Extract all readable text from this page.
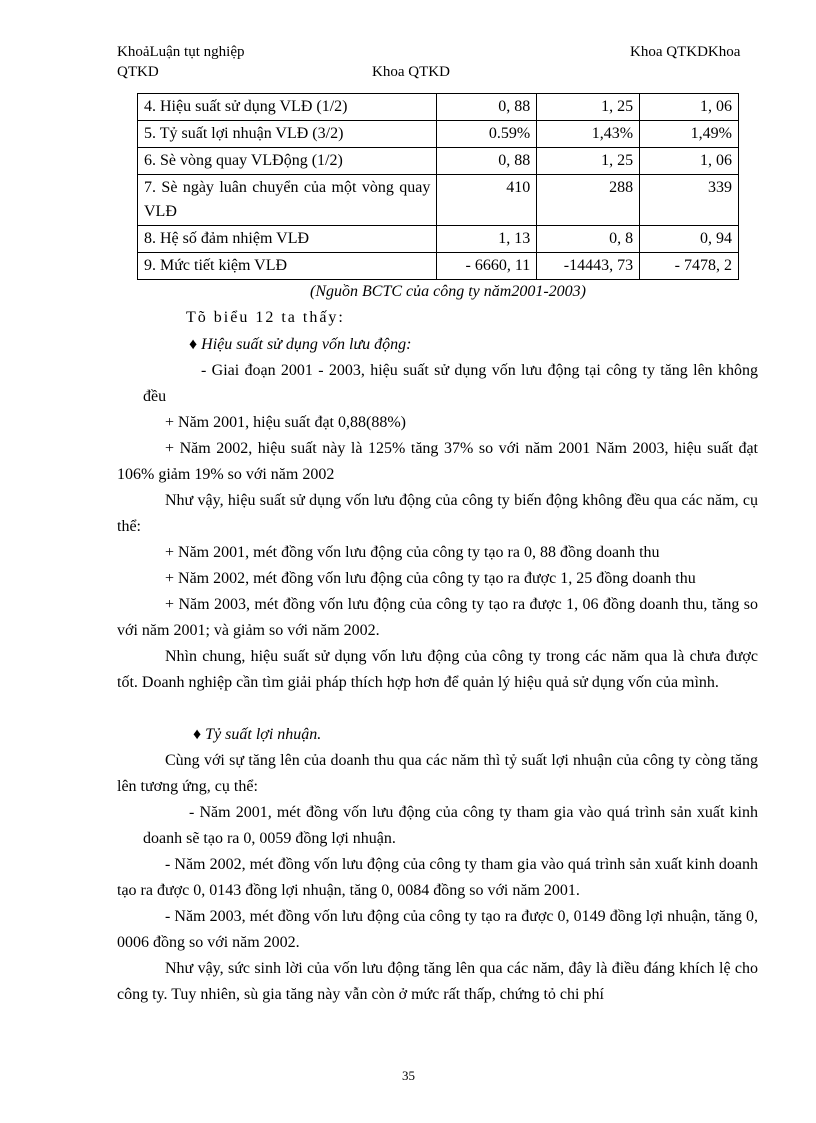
KhoảLuận tụt nghiệp
QTKD	Khoa QTKD
Khoa QTKDKhoa
4. Hiệu suất sử dụng VLĐ (1/2)	0, 88	1, 25	1, 06
5. Tỷ suất lợi nhuận VLĐ (3/2)	0.59%	1,43%	1,49%
6. Sè vòng quay VLĐộng (1/2)	0, 88	1, 25	1, 06
7. Sè ngày luân chuyển của một vòng quay VLĐ	410	288	339
8. Hệ số đảm nhiệm VLĐ	1, 13	0, 8	0, 94
9. Mức tiết kiệm VLĐ	- 6660, 11	-14443, 73	- 7478, 2
(Nguồn BCTC của công ty năm2001-2003)
Tõ biểu 12 ta thấy:
♦ Hiệu suất sử dụng vốn lưu động:
- Giai đoạn 2001 - 2003, hiệu suất sử dụng vốn lưu động tại công ty tăng lên không đều
+ Năm 2001, hiệu suất đạt 0,88(88%)
+ Năm 2002, hiệu suất này là 125% tăng 37% so với năm 2001 Năm 2003, hiệu suất đạt 106% giảm 19% so với năm 2002
Như vậy, hiệu suất sử dụng vốn lưu động của công ty biến động không đều qua các năm, cụ thể:
+ Năm 2001, mét đồng vốn lưu động của công ty tạo ra 0, 88 đồng doanh thu
+ Năm 2002, mét đồng vốn lưu động của công ty tạo ra được 1, 25 đồng doanh thu
+ Năm 2003, mét đồng vốn lưu động của công ty tạo ra được 1, 06 đồng doanh thu, tăng so với năm 2001; và giảm so với năm 2002.
Nhìn chung, hiệu suất sử dụng vốn lưu động của công ty trong các năm qua là chưa được tốt. Doanh nghiệp cần tìm giải pháp thích hợp hơn để quản lý hiệu quả sử dụng vốn của mình.
♦ Tỷ suất lợi nhuận.
Cùng với sự tăng lên của doanh thu qua các năm thì tỷ suất lợi nhuận của công ty còng tăng lên tương ứng, cụ thể:
- Năm 2001, mét đồng vốn lưu động của công ty tham gia vào quá trình sản xuất kinh doanh sẽ tạo ra 0, 0059 đồng lợi nhuận.
- Năm 2002, mét đồng vốn lưu động của công ty tham gia vào quá trình sản xuất kinh doanh tạo ra được 0, 0143 đồng lợi nhuận, tăng 0, 0084 đồng so với năm 2001.
- Năm 2003, mét đồng vốn lưu động của công ty tạo ra được 0, 0149 đồng lợi nhuận, tăng 0, 0006 đồng so với năm 2002.
Như vậy, sức sinh lời của vốn lưu động tăng lên qua các năm, đây là điều đáng khích lệ cho công ty. Tuy nhiên, sù gia tăng này vẫn còn ở mức rất thấp, chứng tỏ chi phí
35
